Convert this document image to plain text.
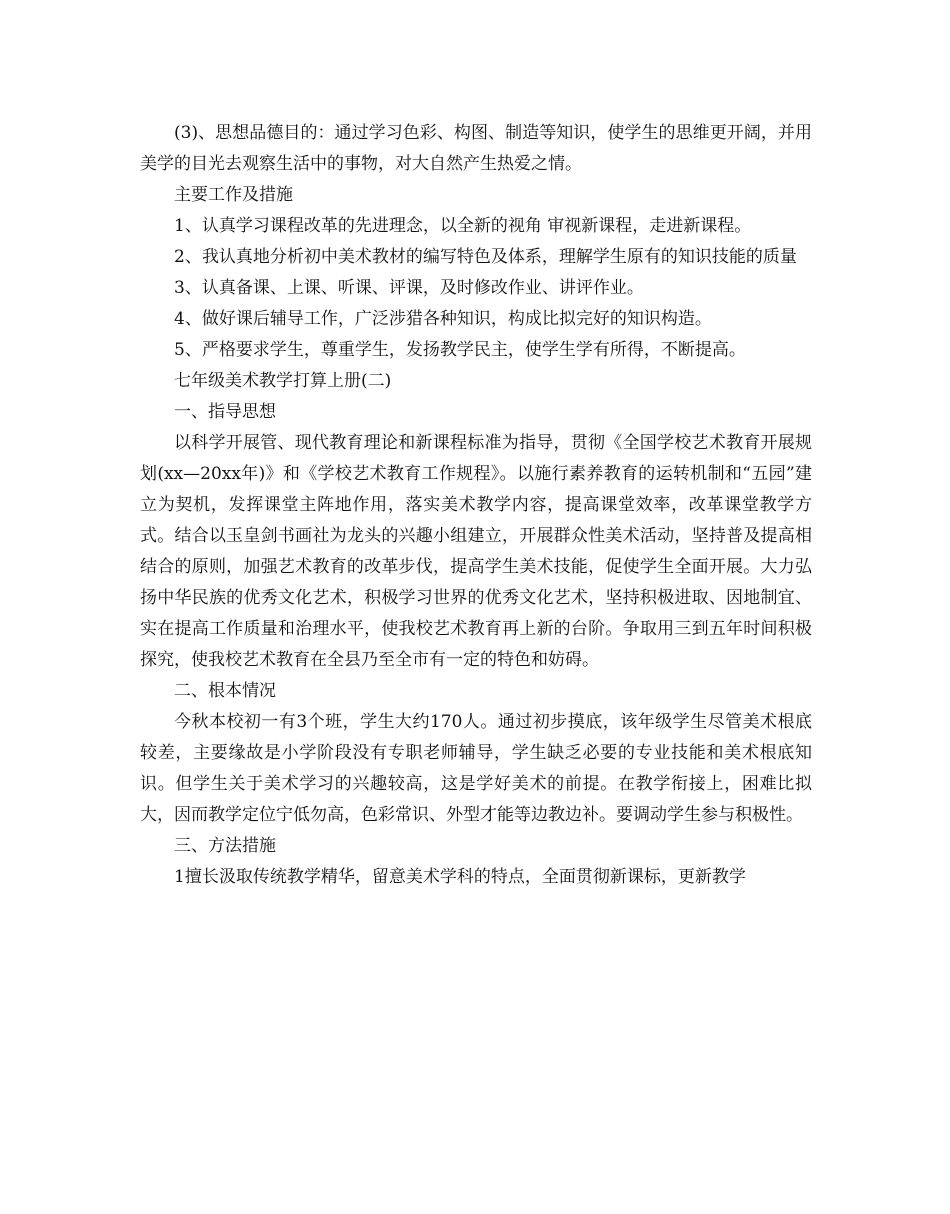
(3)、思想品德目的：通过学习色彩、构图、制造等知识，使学生的思维更开阔，并用美学的目光去观察生活中的事物，对大自然产生热爱之情。

主要工作及措施

1、认真学习课程改革的先进理念，以全新的视角 审视新课程，走进新课程。

2、我认真地分析初中美术教材的编写特色及体系，理解学生原有的知识技能的质量

3、认真备课、上课、听课、评课，及时修改作业、讲评作业。

4、做好课后辅导工作，广泛涉猎各种知识，构成比拟完好的知识构造。

5、严格要求学生，尊重学生，发扬教学民主，使学生学有所得，不断提高。

七年级美术教学打算上册(二)

一、指导思想

以科学开展管、现代教育理论和新课程标准为指导，贯彻《全国学校艺术教育开展规划(xx—20xx年)》和《学校艺术教育工作规程》。以施行素养教育的运转机制和“五园”建立为契机，发挥课堂主阵地作用，落实美术教学内容，提高课堂效率，改革课堂教学方式。结合以玉皇剑书画社为龙头的兴趣小组建立，开展群众性美术活动，坚持普及提高相结合的原则，加强艺术教育的改革步伐，提高学生美术技能，促使学生全面开展。大力弘扬中华民族的优秀文化艺术，积极学习世界的优秀文化艺术，坚持积极进取、因地制宜、实在提高工作质量和治理水平，使我校艺术教育再上新的台阶。争取用三到五年时间积极探究，使我校艺术教育在全县乃至全市有一定的特色和妨碍。

二、根本情况

今秋本校初一有3个班，学生大约170人。通过初步摸底，该年级学生尽管美术根底较差，主要缘故是小学阶段没有专职老师辅导，学生缺乏必要的专业技能和美术根底知识。但学生关于美术学习的兴趣较高，这是学好美术的前提。在教学衔接上，困难比拟大，因而教学定位宁低勿高，色彩常识、外型才能等边教边补。要调动学生参与积极性。

三、方法措施

1擅长汲取传统教学精华，留意美术学科的特点，全面贯彻新课标，更新教学
